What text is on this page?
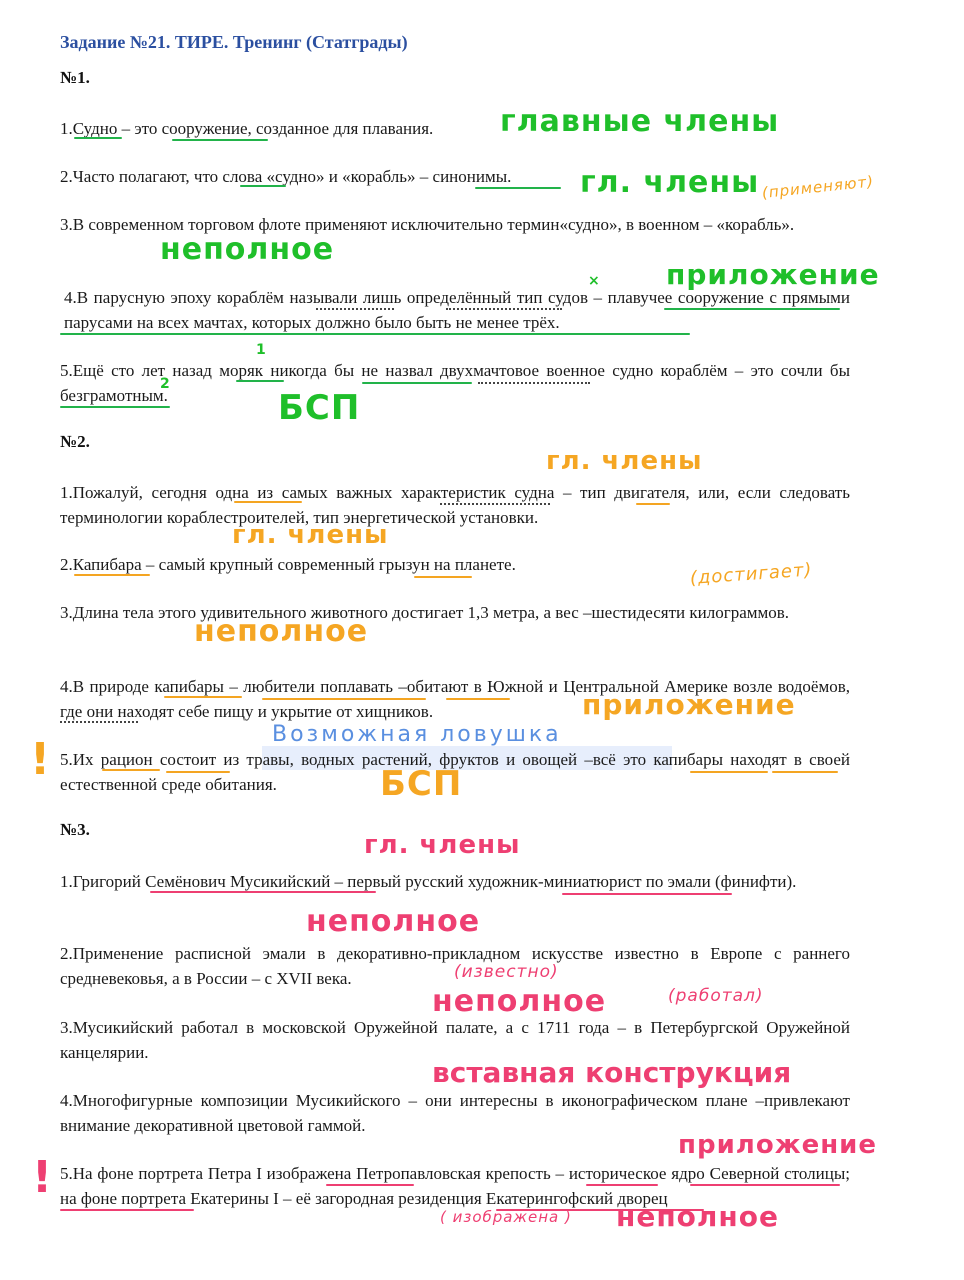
Задание №21. ТИРЕ. Тренинг (Статграды)
№1.
1.Судно – это сооружение, созданное для плавания.
2.Часто полагают, что слова «судно» и «корабль» – синонимы.
3.В современном торговом флоте применяют исключительно термин«судно», в военном – «корабль».
4.В парусную эпоху кораблём называли лишь определённый тип судов – плавучее сооружение с прямыми парусами на всех мачтах, которых должно было быть не менее трёх.
5.Ещё сто лет назад моряк никогда бы не назвал двухмачтовое военное судно кораблём – это сочли бы безграмотным.
№2.
1.Пожалуй, сегодня одна из самых важных характеристик судна – тип двигателя, или, если следовать терминологии кораблестроителей, тип энергетической установки.
2.Капибара – самый крупный современный грызун на планете.
3.Длина тела этого удивительного животного достигает 1,3 метра, а вес –шестидесяти килограммов.
4.В природе капибары – любители поплавать –обитают в Южной и Центральной Америке возле водоёмов, где они находят себе пищу и укрытие от хищников.
5.Их рацион состоит из травы, водных растений, фруктов и овощей –всё это капибары находят в своей естественной среде обитания.
№3.
1.Григорий Семёнович Мусикийский – первый русский художник-миниатюрист по эмали (финифти).
2.Применение расписной эмали в декоративно-прикладном искусстве известно в Европе с раннего средневековья, а в России – с XVII века.
3.Мусикийский работал в московской Оружейной палате, а с 1711 года – в Петербургской Оружейной канцелярии.
4.Многофигурные композиции Мусикийского – они интересны в иконографическом плане –привлекают внимание декоративной цветовой гаммой.
5.На фоне портрета Петра I изображена Петропавловская крепость – историческое ядро Северной столицы; на фоне портрета Екатерины I – её загородная резиденция Екатерингофский дворец
главные члены
гл. члены (применяют)
неполное
приложение
×
1
2
БСП
гл. члены
гл. члены
(достигает)
неполное
приложение
Возможная ловушка
БСП
!
гл. члены
неполное
(известно)
неполное	(работал)
вставная конструкция
приложение
( изображена ) неполное
!
